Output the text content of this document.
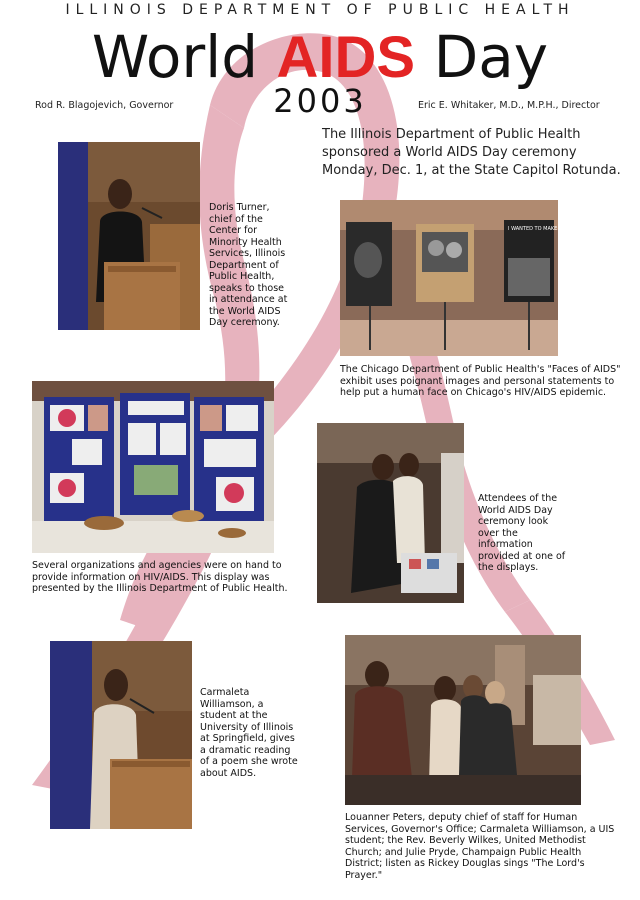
ILLINOIS DEPARTMENT OF PUBLIC HEALTH
World AIDS Day
2003
Rod R. Blagojevich, Governor	Eric E. Whitaker, M.D., M.P.H., Director
The Illinois Department of Public Health sponsored a World AIDS Day ceremony Monday, Dec. 1, at the State Capitol Rotunda.
Doris Turner, chief of the Center for Minority Health Services, Illinois Department of Public Health, speaks to those in attendance at the World AIDS Day ceremony.
I WANTED TO MAKE A DIFFERENCE.
The Chicago Department of Public Health's "Faces of AIDS" exhibit uses poignant images and personal statements to help put a human face on Chicago's HIV/AIDS epidemic.
Several organizations and agencies were on hand to provide information on HIV/AIDS. This display was presented by the Illinois Department of Public Health.
Attendees of the World AIDS Day ceremony look over the information provided at one of the displays.
Carmaleta Williamson, a student at the University of Illinois at Springfield, gives a dramatic reading of a poem she wrote about AIDS.
Louanner Peters, deputy chief of staff for Human Services, Governor's Office; Carmaleta Williamson, a UIS student; the Rev. Beverly Wilkes, United Methodist Church; and Julie Pryde, Champaign Public Health District; listen as Rickey Douglas sings "The Lord's Prayer."
